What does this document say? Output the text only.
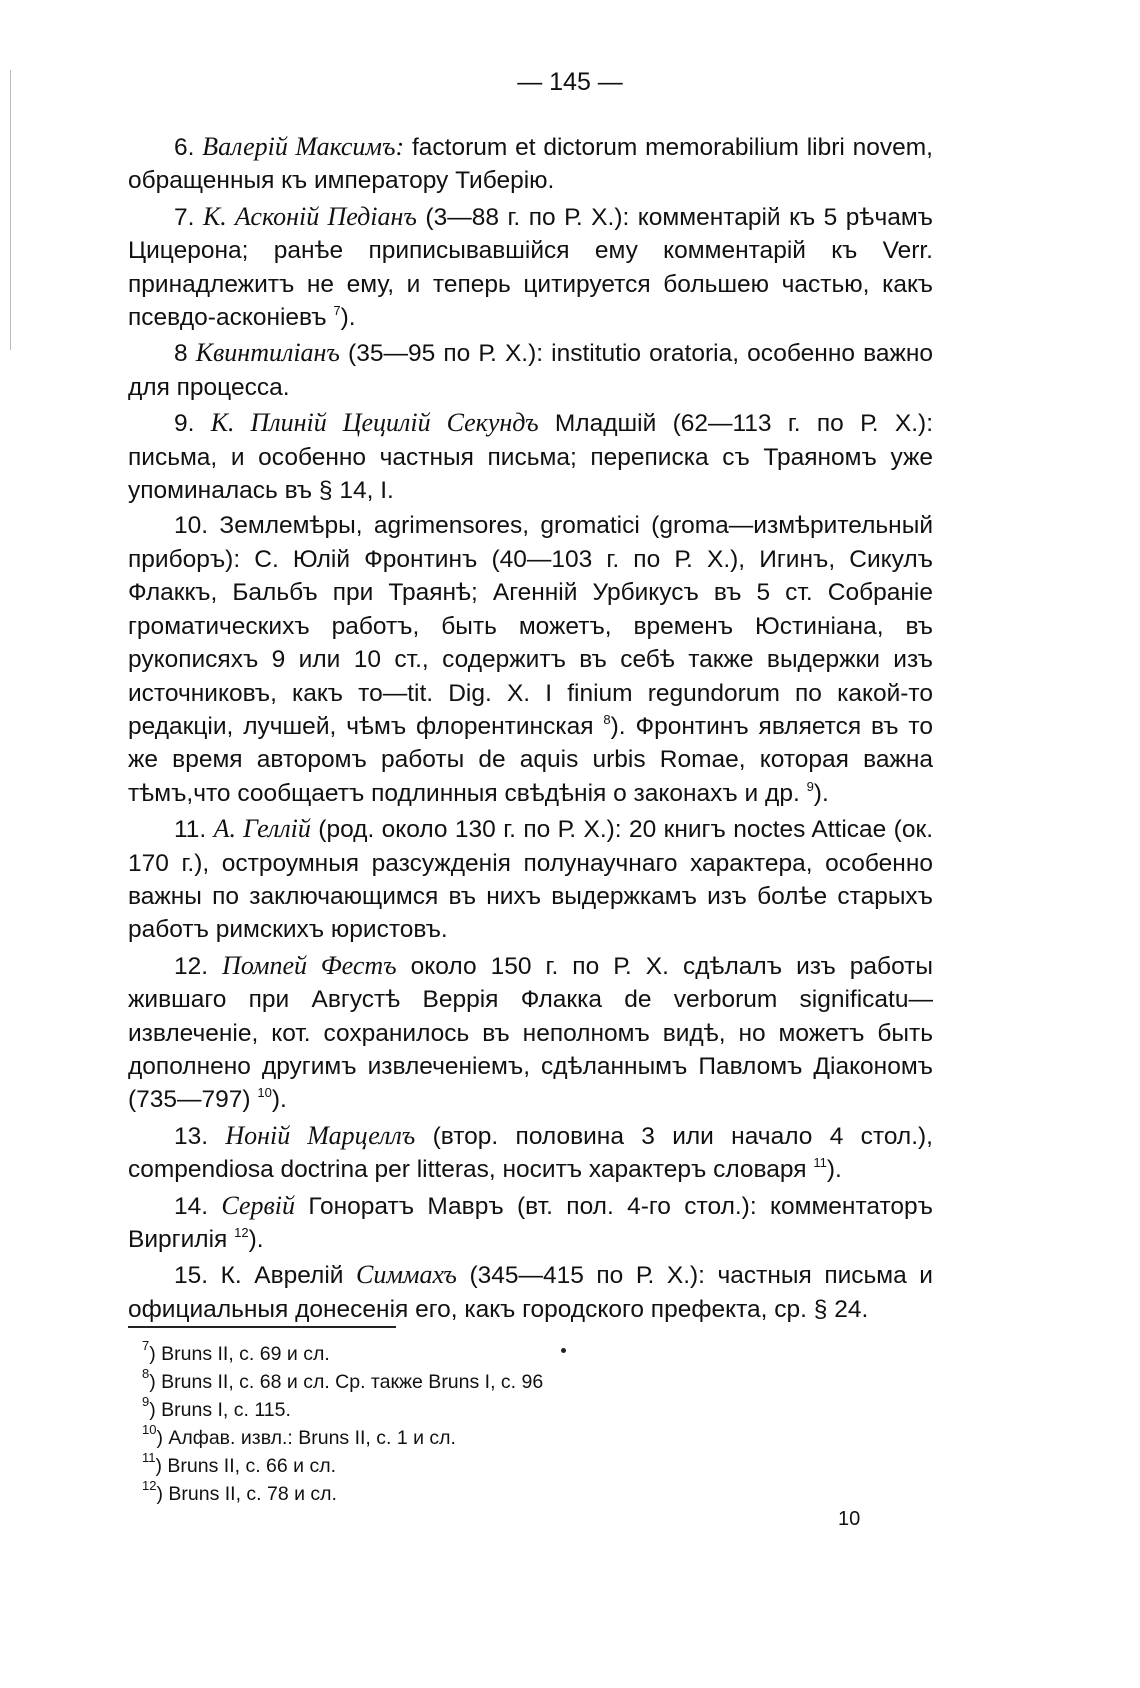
— 145 —

6. Валерій Максимъ: factorum et dictorum memorabilium libri novem, обращенныя къ императору Тиберію.

7. К. Асконій Педіанъ (3—88 г. по Р. Х.): комментарій къ 5 рѣчамъ Цицерона; ранѣе приписывавшійся ему комментарій къ Verr. принадлежитъ не ему, и теперь цитируется большею частью, какъ псевдо-асконіевъ $^7$).

8 Квинтиліанъ (35—95 по Р. Х.): institutio oratoria, особенно важно для процесса.

9. К. Плиній Цецилій Секундъ Младшій (62—113 г. по Р. Х.): письма, и особенно частныя письма; переписка съ Траяномъ уже упоминалась въ § 14, I.

10. Землемѣры, agrimensores, gromatici (groma—измѣрительный приборъ): С. Юлій Фронтинъ (40—103 г. по Р. Х.), Игинъ, Сикулъ Флаккъ, Бальбъ при Траянѣ; Агенній Урбикусъ въ 5 ст. Собраніе громатическихъ работъ, быть можетъ, временъ Юстиніана, въ рукописяхъ 9 или 10 ст., содержитъ въ себѣ также выдержки изъ источниковъ, какъ то—tit. Dig. X. I finium regundorum по какой-то редакціи, лучшей, чѣмъ флорентинская $^8$). Фронтинъ является въ то же время авторомъ работы de aquis urbis Romae, которая важна тѣмъ,что сообщаетъ подлинныя свѣдѣнія о законахъ и др. $^9$).

11. А. Геллій (род. около 130 г. по Р. Х.): 20 книгъ noctes Atticae (ок. 170 г.), остроумныя разсужденія полунаучнаго характера, особенно важны по заключающимся въ нихъ выдержкамъ изъ болѣе старыхъ работъ римскихъ юристовъ.

12. Помпей Фестъ около 150 г. по Р. Х. сдѣлалъ изъ работы жившаго при Августѣ Веррія Флакка de verborum significatu—извлеченіе, кот. сохранилось въ неполномъ видѣ, но можетъ быть дополнено другимъ извлеченіемъ, сдѣланнымъ Павломъ Діакономъ (735—797) $^{10}$).

13. Ноній Марцеллъ (втор. половина 3 или начало 4 стол.), compendiosa doctrina per litteras, носитъ характеръ словаря $^{11}$).

14. Сервій Гоноратъ Мавръ (вт. пол. 4-го стол.): комментаторъ Виргилія $^{12}$).

15. К. Аврелій Симмахъ (345—415 по Р. Х.): частныя письма и официальныя донесенія его, какъ городского префекта, ср. § 24.

$^7$) Bruns II, c. 69 и сл.

$^8$) Bruns II, c. 68 и сл. Ср. также Bruns I, c. 96

$^9$) Bruns I, c. 115.

$^{10}$) Алфав. извл.: Bruns II, c. 1 и сл.

$^{11}$) Bruns II, c. 66 и сл.

$^{12}$) Bruns II, c. 78 и сл.

10
